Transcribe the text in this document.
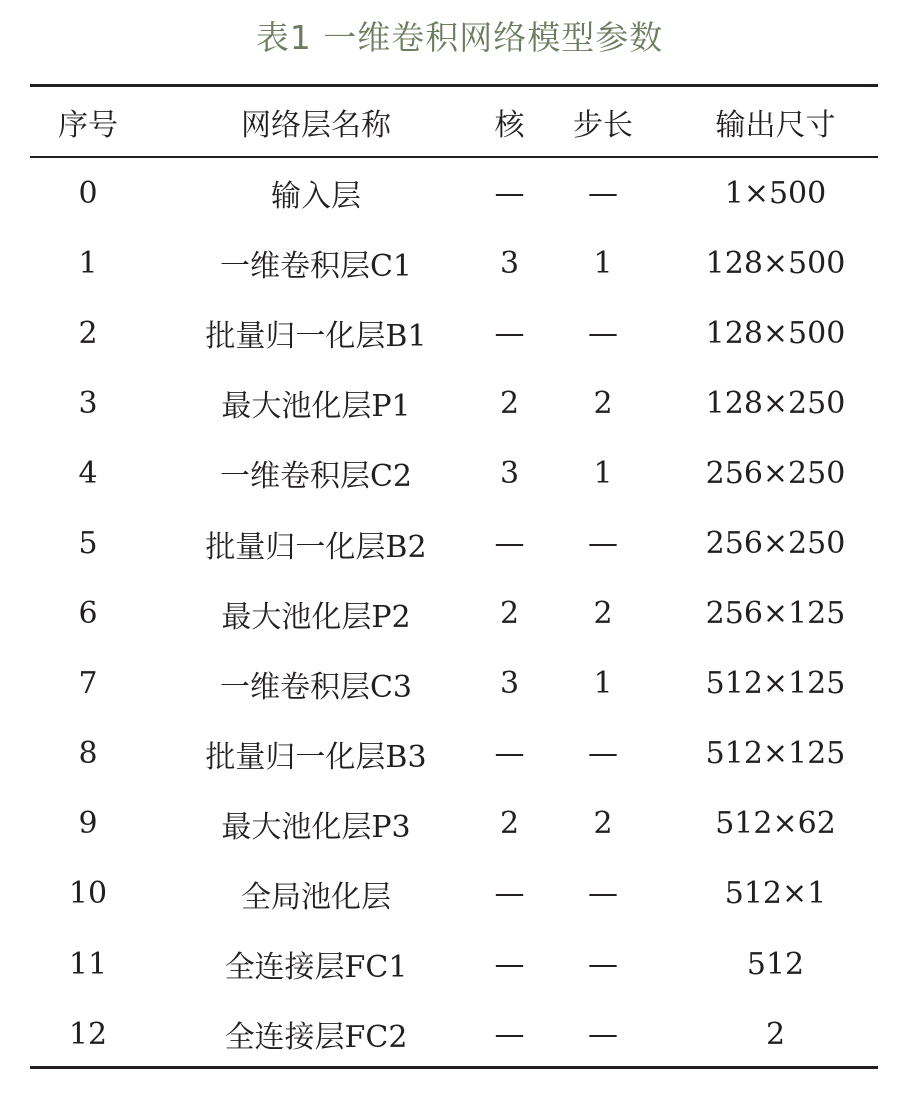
表1 一维卷积网络模型参数
序号	网络层名称	核	步长	输出尺寸
0	输入层	—	—	1×500
1	一维卷积层C1	3	1	128×500
2	批量归一化层B1	—	—	128×500
3	最大池化层P1	2	2	128×250
4	一维卷积层C2	3	1	256×250
5	批量归一化层B2	—	—	256×250
6	最大池化层P2	2	2	256×125
7	一维卷积层C3	3	1	512×125
8	批量归一化层B3	—	—	512×125
9	最大池化层P3	2	2	512×62
10	全局池化层	—	—	512×1
11	全连接层FC1	—	—	512
12	全连接层FC2	—	—	2
